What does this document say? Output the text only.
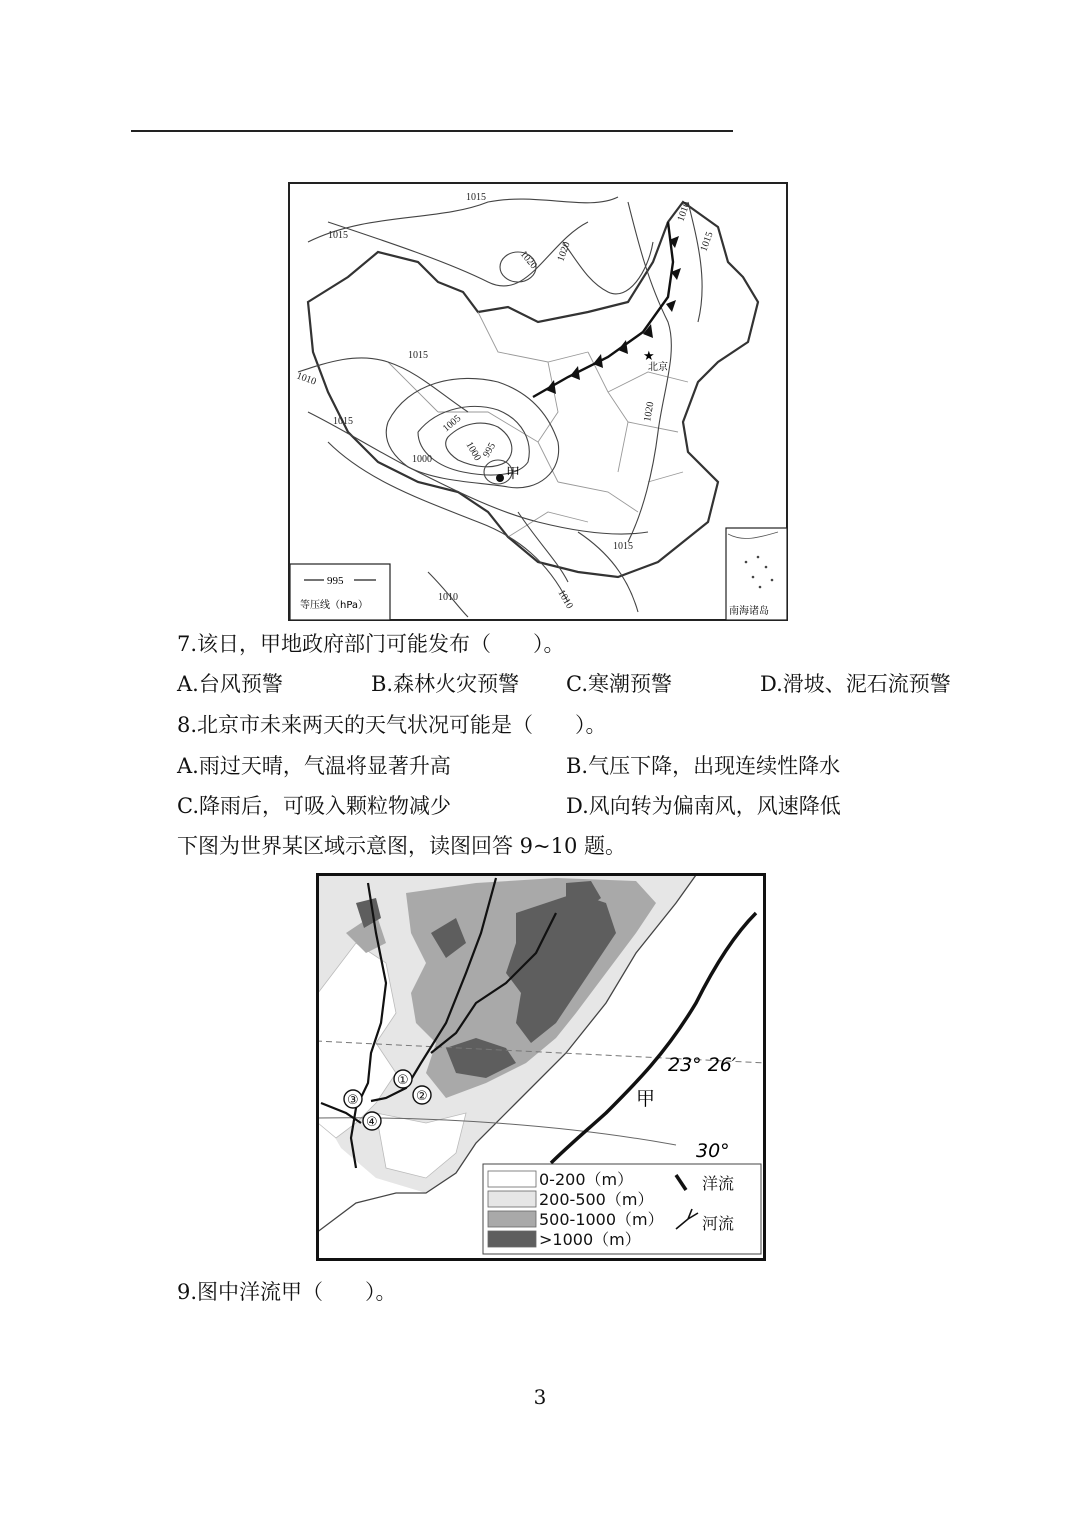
1015
1015
1020 1020
1010
1015
1015
1010
1015	1005
1000	995
1000
1020
1015
1010	1010
甲
★
北京
995
等压线（hPa）
南海诸岛
7.该日，甲地政府部门可能发布（　　）。
A.台风预警	B.森林火灾预警 C.寒潮预警	D.滑坡、泥石流预警
8.北京市未来两天的天气状况可能是（　　）。
A.雨过天晴，气温将显著升高	B.气压下降，出现连续性降水
C.降雨后，可吸入颗粒物减少	D.风向转为偏南风，风速降低
下图为世界某区域示意图，读图回答 9~10 题。
①
②
③
④
23° 26′
30°
甲
0-200（m）
200-500（m）
500-1000（m）
>1000（m）
洋流
河流
9.图中洋流甲（　　）。
3
